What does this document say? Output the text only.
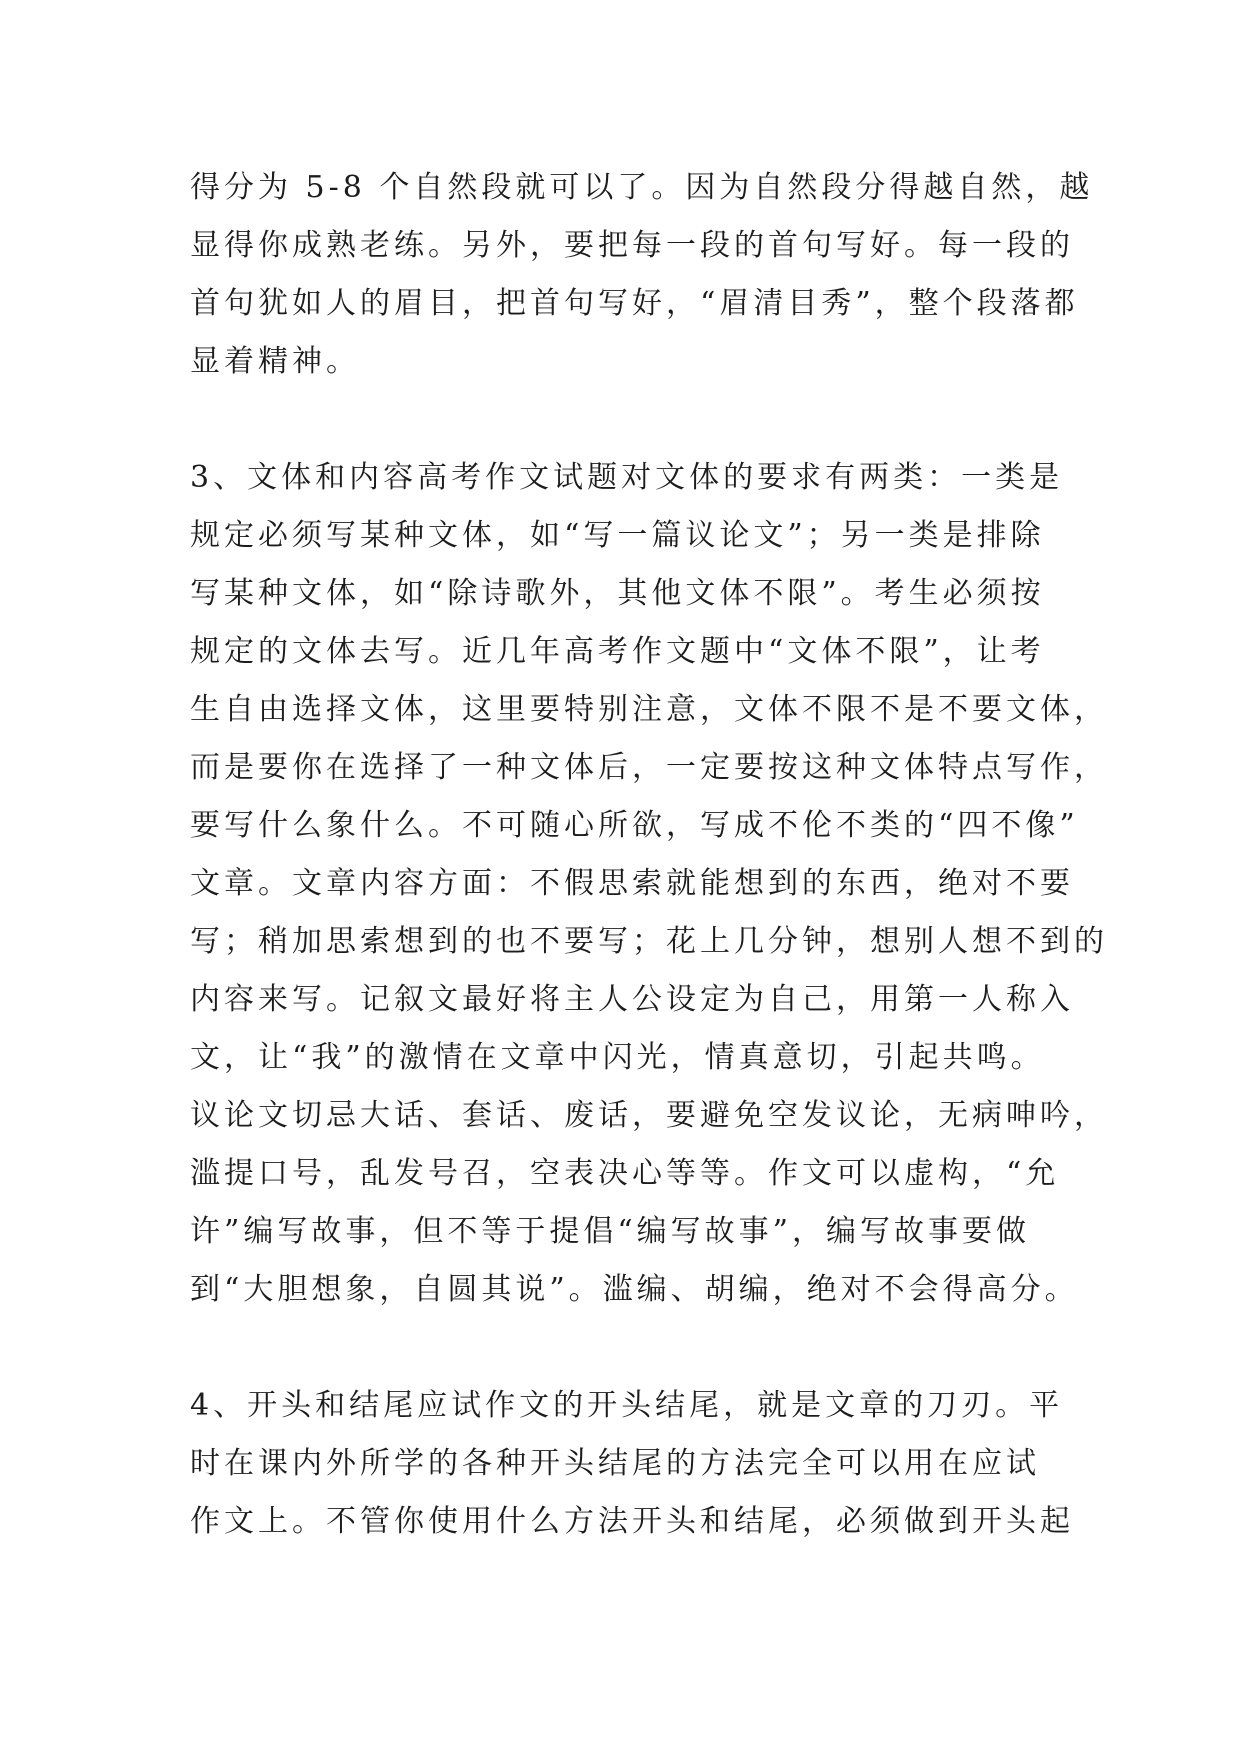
得分为 5-8 个自然段就可以了。因为自然段分得越自然，越
显得你成熟老练。另外，要把每一段的首句写好。每一段的
首句犹如人的眉目，把首句写好，“眉清目秀”，整个段落都
显着精神。
3、文体和内容高考作文试题对文体的要求有两类：一类是
规定必须写某种文体，如“写一篇议论文”；另一类是排除
写某种文体，如“除诗歌外，其他文体不限”。考生必须按
规定的文体去写。近几年高考作文题中“文体不限”，让考
生自由选择文体，这里要特别注意，文体不限不是不要文体，
而是要你在选择了一种文体后，一定要按这种文体特点写作，
要写什么象什么。不可随心所欲，写成不伦不类的“四不像”
文章。文章内容方面：不假思索就能想到的东西，绝对不要
写；稍加思索想到的也不要写；花上几分钟，想别人想不到的
内容来写。记叙文最好将主人公设定为自己，用第一人称入
文，让“我”的激情在文章中闪光，情真意切，引起共鸣。
议论文切忌大话、套话、废话，要避免空发议论，无病呻吟，
滥提口号，乱发号召，空表决心等等。作文可以虚构，“允
许”编写故事，但不等于提倡“编写故事”，编写故事要做
到“大胆想象，自圆其说”。滥编、胡编，绝对不会得高分。
4、开头和结尾应试作文的开头结尾，就是文章的刀刃。平
时在课内外所学的各种开头结尾的方法完全可以用在应试
作文上。不管你使用什么方法开头和结尾，必须做到开头起
